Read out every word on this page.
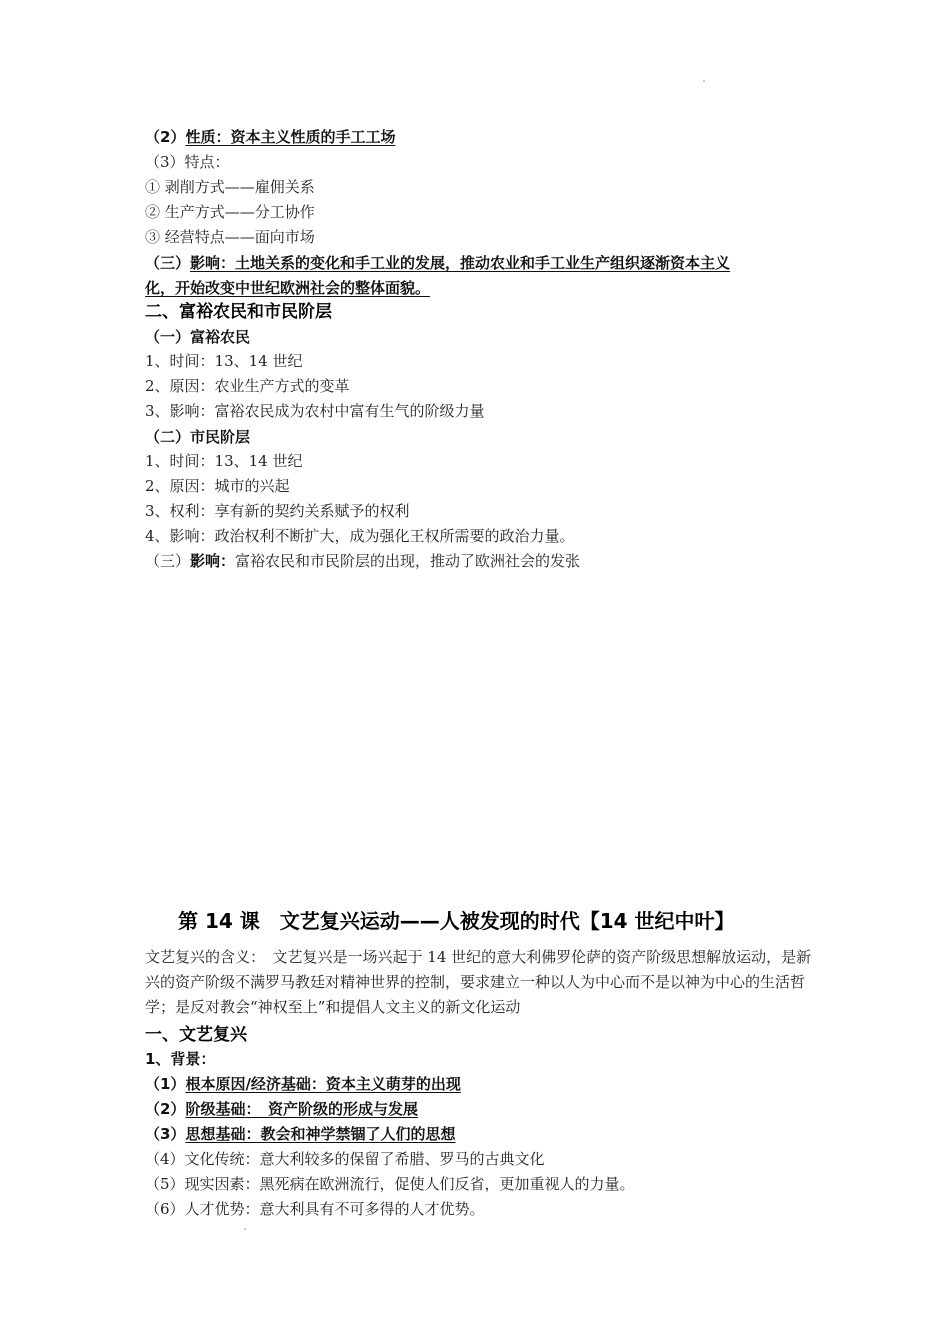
（2）性质：资本主义性质的手工工场
（3）特点：
① 剥削方式——雇佣关系
② 生产方式——分工协作
③ 经营特点——面向市场
（三）影响：土地关系的变化和手工业的发展，推动农业和手工业生产组织逐渐资本主义
化，开始改变中世纪欧洲社会的整体面貌。
二、富裕农民和市民阶层
（一）富裕农民
1、时间：13、14 世纪
2、原因：农业生产方式的变革
3、影响：富裕农民成为农村中富有生气的阶级力量
（二）市民阶层
1、时间：13、14 世纪
2、原因：城市的兴起
3、权利：享有新的契约关系赋予的权利
4、影响：政治权利不断扩大，成为强化王权所需要的政治力量。
（三）影响：富裕农民和市民阶层的出现，推动了欧洲社会的发张
第 14 课　文艺复兴运动——人被发现的时代【14 世纪中叶】
文艺复兴的含义：　文艺复兴是一场兴起于 14 世纪的意大利佛罗伦萨的资产阶级思想解放运动，是新兴的资产阶级不满罗马教廷对精神世界的控制，要求建立一种以人为中心而不是以神为中心的生活哲学；是反对教会“神权至上”和提倡人文主义的新文化运动
一、文艺复兴
1、背景：
（1）根本原因/经济基础：资本主义萌芽的出现
（2）阶级基础：　资产阶级的形成与发展
（3）思想基础：教会和神学禁锢了人们的思想
（4）文化传统：意大利较多的保留了希腊、罗马的古典文化
（5）现实因素：黑死病在欧洲流行，促使人们反省，更加重视人的力量。
（6）人才优势：意大利具有不可多得的人才优势。
